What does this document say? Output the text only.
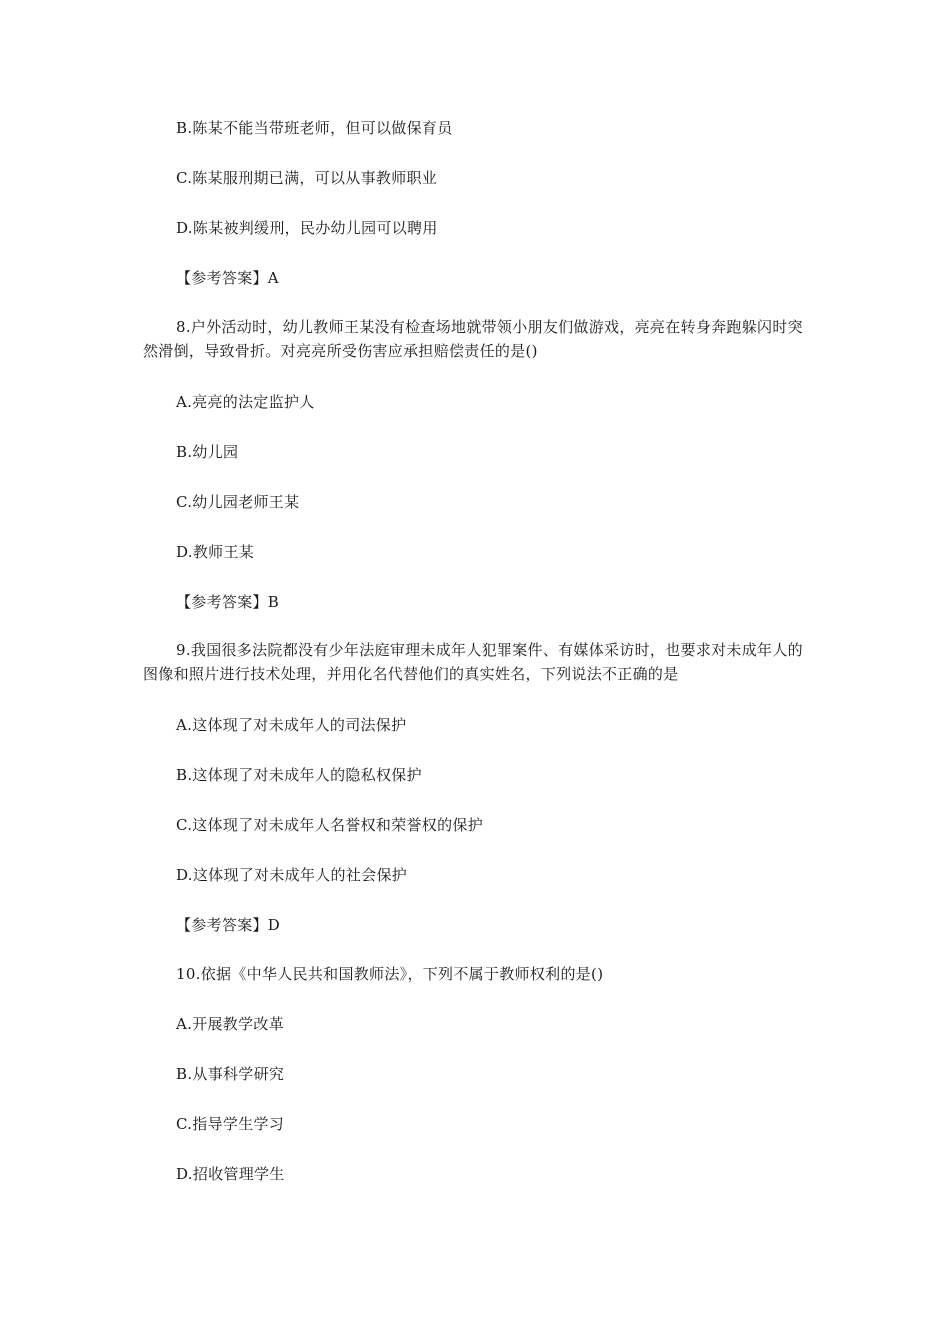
B.陈某不能当带班老师，但可以做保育员
C.陈某服刑期已满，可以从事教师职业
D.陈某被判缓刑，民办幼儿园可以聘用
【参考答案】A
8.户外活动时，幼儿教师王某没有检查场地就带领小朋友们做游戏，亮亮在转身奔跑躲闪时突然滑倒，导致骨折。对亮亮所受伤害应承担赔偿责任的是()
A.亮亮的法定监护人
B.幼儿园
C.幼儿园老师王某
D.教师王某
【参考答案】B
9.我国很多法院都没有少年法庭审理未成年人犯罪案件、有媒体采访时，也要求对未成年人的图像和照片进行技术处理，并用化名代替他们的真实姓名，下列说法不正确的是
A.这体现了对未成年人的司法保护
B.这体现了对未成年人的隐私权保护
C.这体现了对未成年人名誉权和荣誉权的保护
D.这体现了对未成年人的社会保护
【参考答案】D
10.依据《中华人民共和国教师法》，下列不属于教师权利的是()
A.开展教学改革
B.从事科学研究
C.指导学生学习
D.招收管理学生
